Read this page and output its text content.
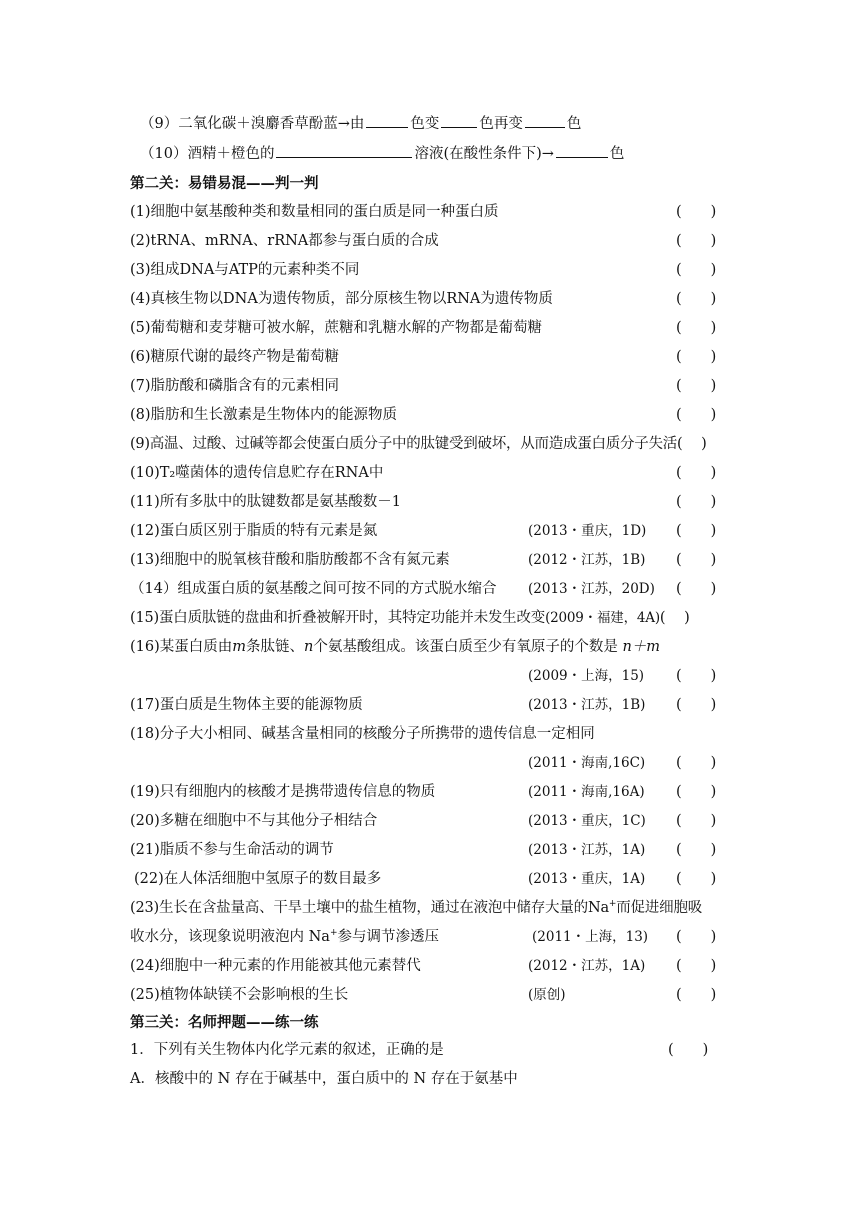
（9）二氧化碳＋溴麝香草酚蓝→由	色变	色再变	色
（10）酒精＋橙色的	溶液(在酸性条件下)→	色
第二关：易错易混——判一判
(1)细胞中氨基酸种类和数量相同的蛋白质是同一种蛋白质	(　　)
(2)tRNA、mRNA、rRNA都参与蛋白质的合成	(　　)
(3)组成DNA与ATP的元素种类不同	(　　)
(4)真核生物以DNA为遗传物质，部分原核生物以RNA为遗传物质	(　　)
(5)葡萄糖和麦芽糖可被水解，蔗糖和乳糖水解的产物都是葡萄糖	(　　)
(6)糖原代谢的最终产物是葡萄糖	(　　)
(7)脂肪酸和磷脂含有的元素相同	(　　)
(8)脂肪和生长激素是生物体内的能源物质	(　　)
(9)高温、过酸、过碱等都会使蛋白质分子中的肽键受到破坏，从而造成蛋白质分子失活(　 )
(10)T₂噬菌体的遗传信息贮存在RNA中	(　　)
(11)所有多肽中的肽键数都是氨基酸数－1	(　　)
(12)蛋白质区别于脂质的特有元素是氮	(2013・重庆，1D) (　　)
(13)细胞中的脱氧核苷酸和脂肪酸都不含有氮元素	(2012・江苏，1B) (　　)
（14）组成蛋白质的氨基酸之间可按不同的方式脱水缩合 (2013・江苏，20D) (　　)
(15)蛋白质肽链的盘曲和折叠被解开时，其特定功能并未发生改变(2009・福建，4A)(　 )
(16)某蛋白质由m条肽链、n个氨基酸组成。该蛋白质至少有氧原子的个数是 n＋m
(2009・上海，15) (　　)
(17)蛋白质是生物体主要的能源物质	(2013・江苏，1B) (　　)
(18)分子大小相同、碱基含量相同的核酸分子所携带的遗传信息一定相同
(2011・海南,16C) (　　)
(19)只有细胞内的核酸才是携带遗传信息的物质	(2011・海南,16A) (　　)
(20)多糖在细胞中不与其他分子相结合	(2013・重庆，1C) (　　)
(21)脂质不参与生命活动的调节	(2013・江苏，1A) (　　)
(22)在人体活细胞中氢原子的数目最多	(2013・重庆，1A) (　　)
(23)生长在含盐量高、干旱土壤中的盐生植物，通过在液泡中储存大量的Na+而促进细胞吸
收水分，该现象说明液泡内 Na+参与调节渗透压	(2011・上海，13) (　　)
(24)细胞中一种元素的作用能被其他元素替代	(2012・江苏，1A) (　　)
(25)植物体缺镁不会影响根的生长	(原创)	(　　)
第三关：名师押题——练一练
1．下列有关生物体内化学元素的叙述，正确的是	(　　)
A．核酸中的 N 存在于碱基中，蛋白质中的 N 存在于氨基中
